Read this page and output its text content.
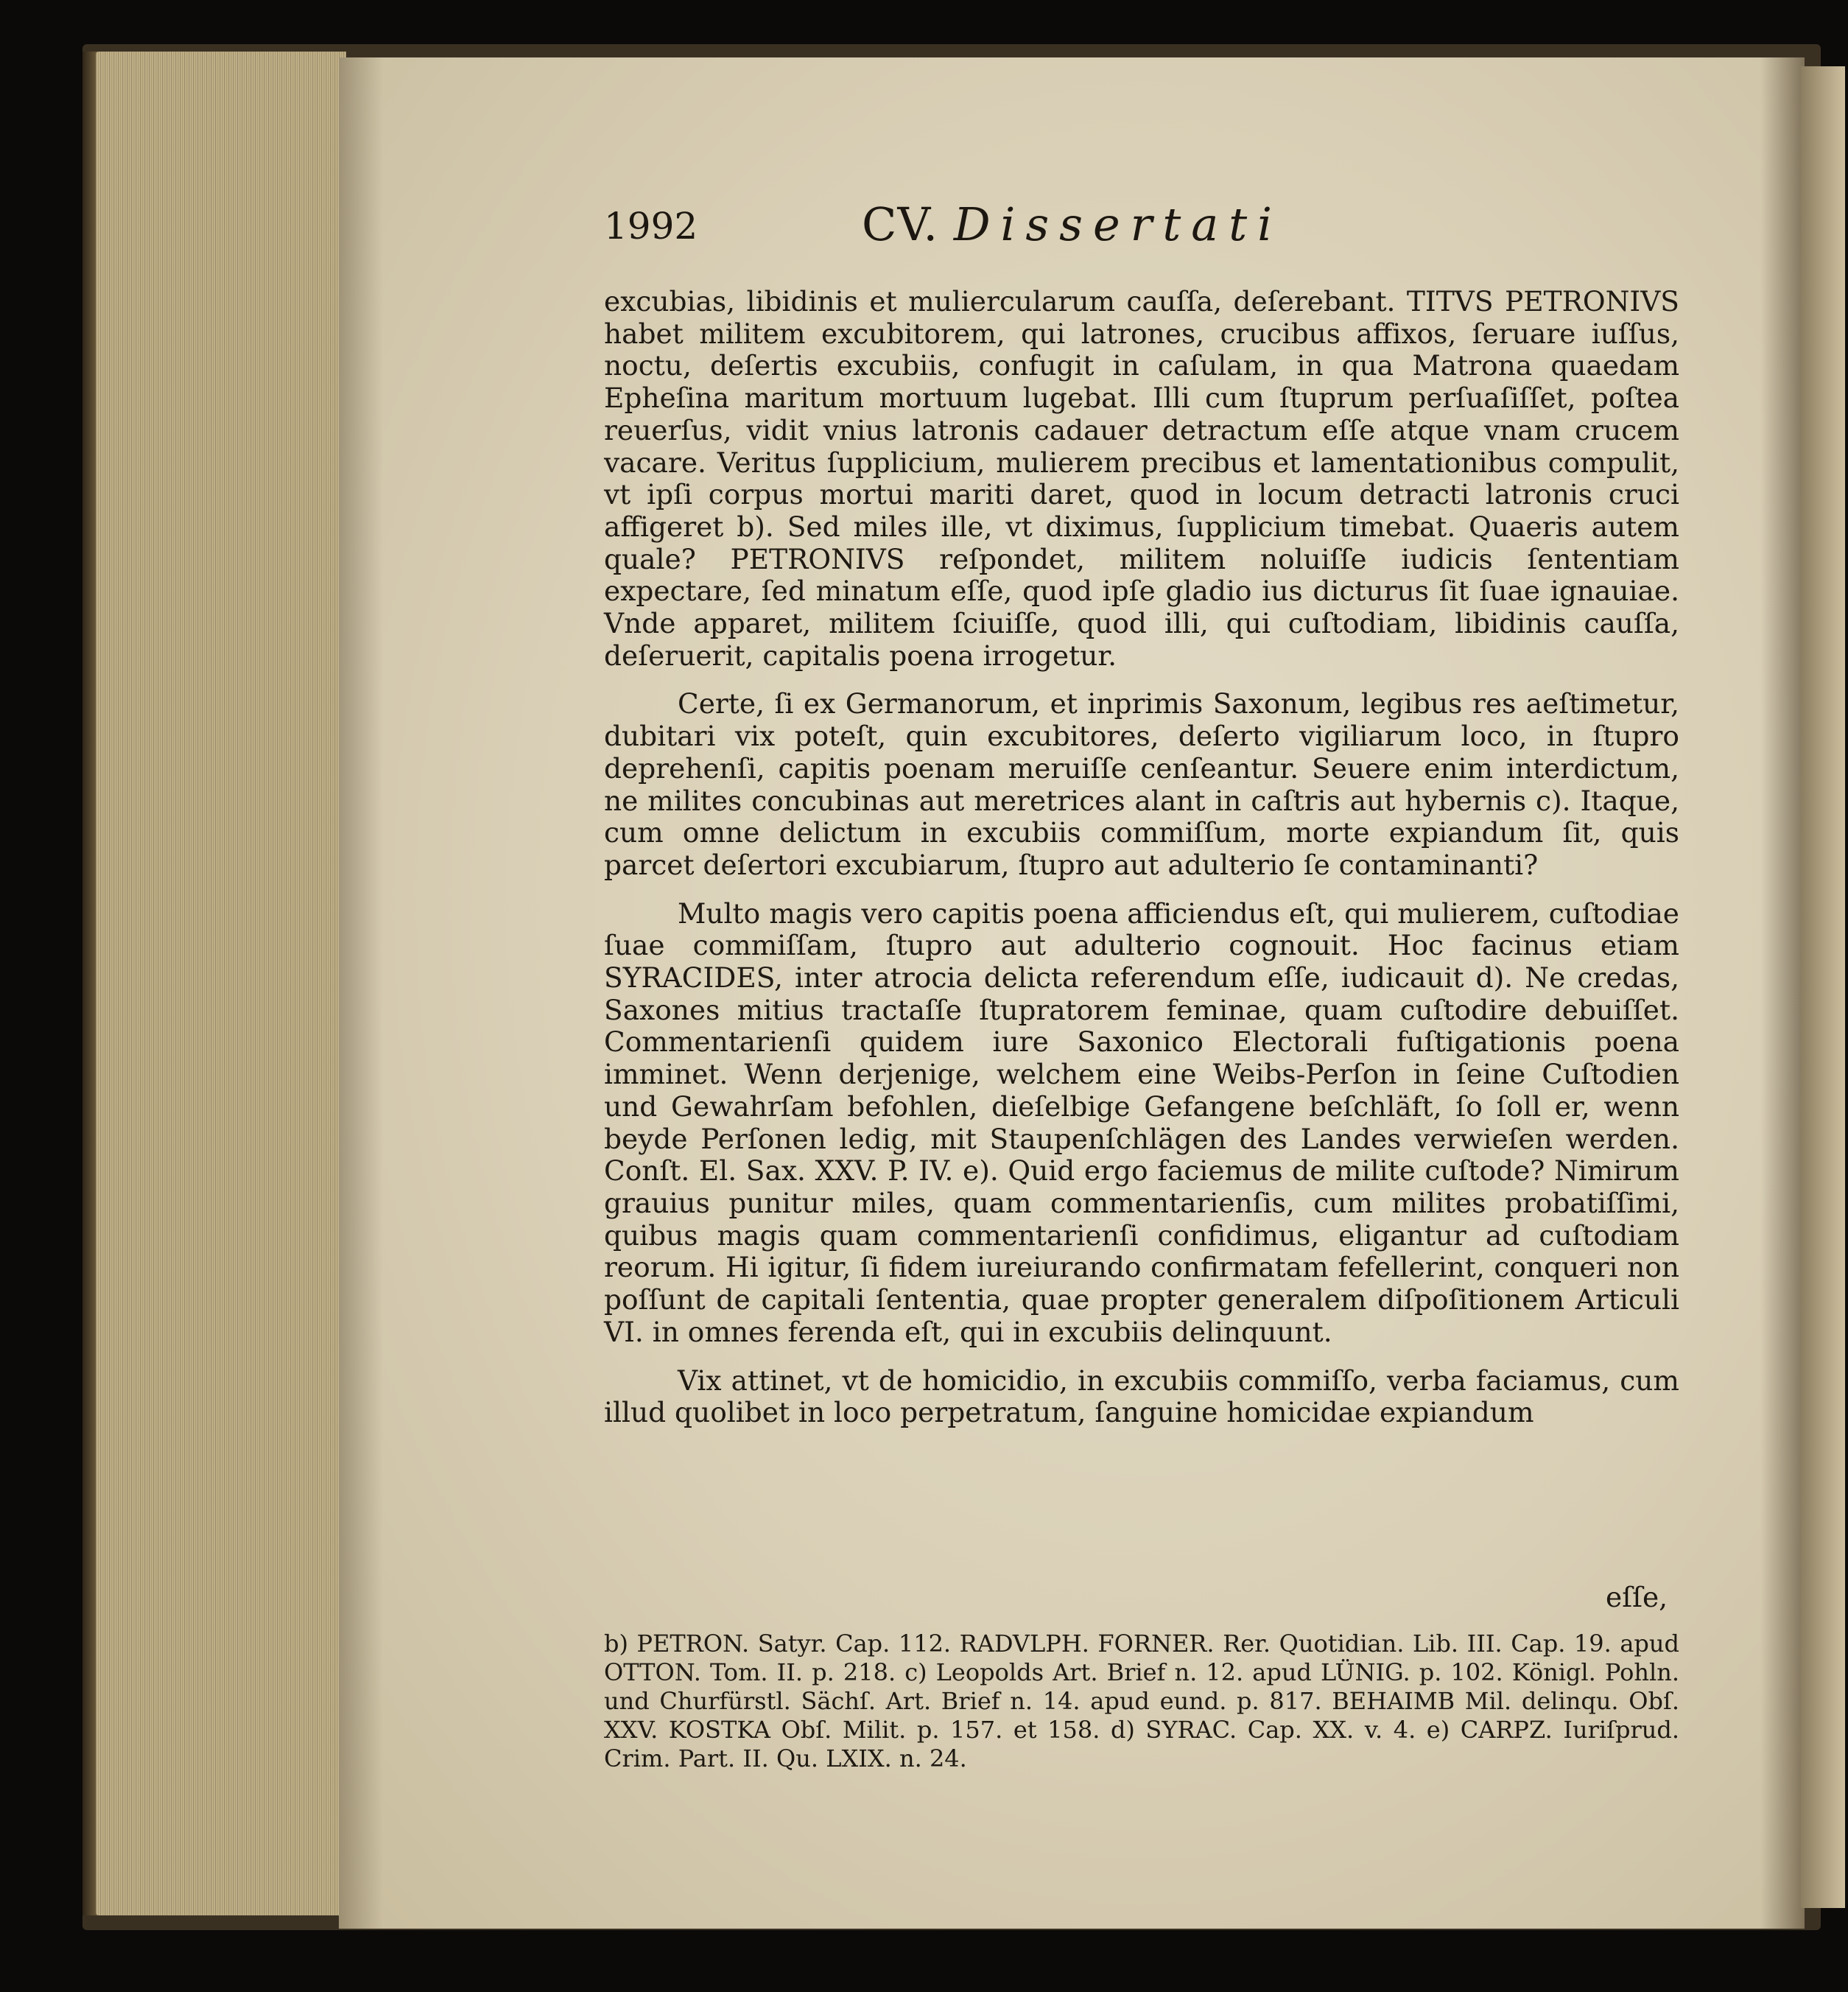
1992	CV. Dissertati

excubias, libidinis et muliercularum cauſſa, deſerebant. TITVS PETRONIVS habet militem excubitorem, qui latrones, crucibus affixos, ſeruare iuſſus, noctu, deſertis excubiis, confugit in caſulam, in qua Matrona quaedam Epheſina maritum mortuum lugebat. Illi cum ſtuprum perſuaſiſſet, poſtea reuerſus, vidit vnius latronis cadauer detractum eſſe atque vnam crucem vacare. Veritus ſupplicium, mulierem precibus et lamentationibus compulit, vt ipſi corpus mortui mariti daret, quod in locum detracti latronis cruci affigeret b). Sed miles ille, vt diximus, ſupplicium timebat. Quaeris autem quale? PETRONIVS reſpondet, militem noluiſſe iudicis ſententiam expectare, ſed minatum eſſe, quod ipſe gladio ius dicturus ſit ſuae ignauiae. Vnde apparet, militem ſciuiſſe, quod illi, qui cuſtodiam, libidinis cauſſa, deſeruerit, capitalis poena irrogetur.

Certe, ſi ex Germanorum, et inprimis Saxonum, legibus res aeſtimetur, dubitari vix poteſt, quin excubitores, deſerto vigiliarum loco, in ſtupro deprehenſi, capitis poenam meruiſſe cenſeantur. Seuere enim interdictum, ne milites concubinas aut meretrices alant in caſtris aut hybernis c). Itaque, cum omne delictum in excubiis commiſſum, morte expiandum ſit, quis parcet deſertori excubiarum, ſtupro aut adulterio ſe contaminanti?

Multo magis vero capitis poena afficiendus eſt, qui mulierem, cuſtodiae ſuae commiſſam, ſtupro aut adulterio cognouit. Hoc facinus etiam SYRACIDES, inter atrocia delicta referendum eſſe, iudicauit d). Ne credas, Saxones mitius tractaſſe ſtupratorem feminae, quam cuſtodire debuiſſet. Commentarienſi quidem iure Saxonico Electorali fuſtigationis poena imminet. Wenn derjenige, welchem eine Weibs-Perſon in ſeine Cuſtodien und Gewahrſam befohlen, dieſelbige Gefangene beſchläft, ſo ſoll er, wenn beyde Perſonen ledig, mit Staupenſchlägen des Landes verwieſen werden. Conſt. El. Sax. XXV. P. IV. e). Quid ergo faciemus de milite cuſtode? Nimirum grauius punitur miles, quam commentarienſis, cum milites probatiſſimi, quibus magis quam commentarienſi confidimus, eligantur ad cuſtodiam reorum. Hi igitur, ſi fidem iureiurando confirmatam fefellerint, conqueri non poſſunt de capitali ſententia, quae propter generalem diſpoſitionem Articuli VI. in omnes ferenda eſt, qui in excubiis delinquunt.

Vix attinet, vt de homicidio, in excubiis commiſſo, verba faciamus, cum illud quolibet in loco perpetratum, ſanguine homicidae expiandum

eſſe,

b) PETRON. Satyr. Cap. 112. RADVLPH. FORNER. Rer. Quotidian. Lib. III. Cap. 19. apud OTTON. Tom. II. p. 218. c) Leopolds Art. Brief n. 12. apud LÜNIG. p. 102. Königl. Pohln. und Churfürstl. Sächſ. Art. Brief n. 14. apud eund. p. 817. BEHAIMB Mil. delinqu. Obſ. XXV. KOSTKA Obſ. Milit. p. 157. et 158. d) SYRAC. Cap. XX. v. 4. e) CARPZ. Iuriſprud. Crim. Part. II. Qu. LXIX. n. 24.
